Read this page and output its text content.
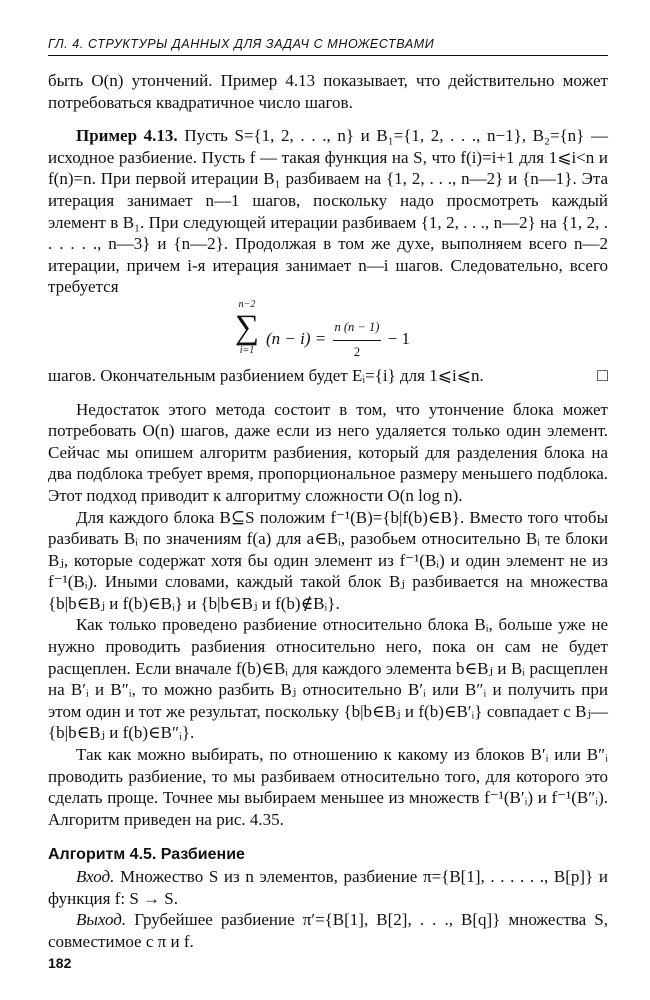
ГЛ. 4. СТРУКТУРЫ ДАННЫХ ДЛЯ ЗАДАЧ С МНОЖЕСТВАМИ

быть O(n) утончений. Пример 4.13 показывает, что действительно может потребоваться квадратичное число шагов.

Пример 4.13. Пусть S={1, 2, . . ., n} и B₁={1, 2, . . ., n−1}, B₂={n} — исходное разбиение. Пусть f — такая функция на S, что f(i)=i+1 для 1⩽i<n и f(n)=n. При первой итерации B₁ разбиваем на {1, 2, . . ., n—2} и {n—1}. Эта итерация занимает n—1 шагов, поскольку надо просмотреть каждый элемент в B₁. При следующей итерации разбиваем {1, 2, . . ., n—2} на {1, 2, . . . . . ., n—3} и {n—2}. Продолжая в том же духе, выполняем всего n—2 итерации, причем i-я итерация занимает n—i шагов. Следовательно, всего требуется

n−2
∑
i=1
$(n - i) = \frac{n (n - 1)}{2} - 1$

шагов. Окончательным разбиением будет Eᵢ={i} для 1⩽i⩽n.	□

Недостаток этого метода состоит в том, что утончение блока может потребовать O(n) шагов, даже если из него удаляется только один элемент. Сейчас мы опишем алгоритм разбиения, который для разделения блока на два подблока требует время, пропорциональное размеру меньшего подблока. Этот подход приводит к алгоритму сложности O(n log n).

Для каждого блока B⊆S положим f⁻¹(B)={b|f(b)∈B}. Вместо того чтобы разбивать Bᵢ по значениям f(a) для a∈Bᵢ, разобьем относительно Bᵢ те блоки Bⱼ, которые содержат хотя бы один элемент из f⁻¹(Bᵢ) и один элемент не из f⁻¹(Bᵢ). Иными словами, каждый такой блок Bⱼ разбивается на множества {b|b∈Bⱼ и f(b)∈Bᵢ} и {b|b∈Bⱼ и f(b)∉Bᵢ}.

Как только проведено разбиение относительно блока Bᵢ, больше уже не нужно проводить разбиения относительно него, пока он сам не будет расщеплен. Если вначале f(b)∈Bᵢ для каждого элемента b∈Bⱼ и Bᵢ расщеплен на B′ᵢ и B″ᵢ, то можно разбить Bⱼ относительно B′ᵢ или B″ᵢ и получить при этом один и тот же результат, поскольку {b|b∈Bⱼ и f(b)∈B′ᵢ} совпадает с Bⱼ—{b|b∈Bⱼ и f(b)∈B″ᵢ}.

Так как можно выбирать, по отношению к какому из блоков B′ᵢ или B″ᵢ проводить разбиение, то мы разбиваем относительно того, для которого это сделать проще. Точнее мы выбираем меньшее из множеств f⁻¹(B′ᵢ) и f⁻¹(B″ᵢ). Алгоритм приведен на рис. 4.35.

Алгоритм 4.5. Разбиение

Вход. Множество S из n элементов, разбиение π={B[1], . . . . . ., B[p]} и функция f: S → S.

Выход. Грубейшее разбиение π′={B[1], B[2], . . ., B[q]} множества S, совместимое с π и f.

182
